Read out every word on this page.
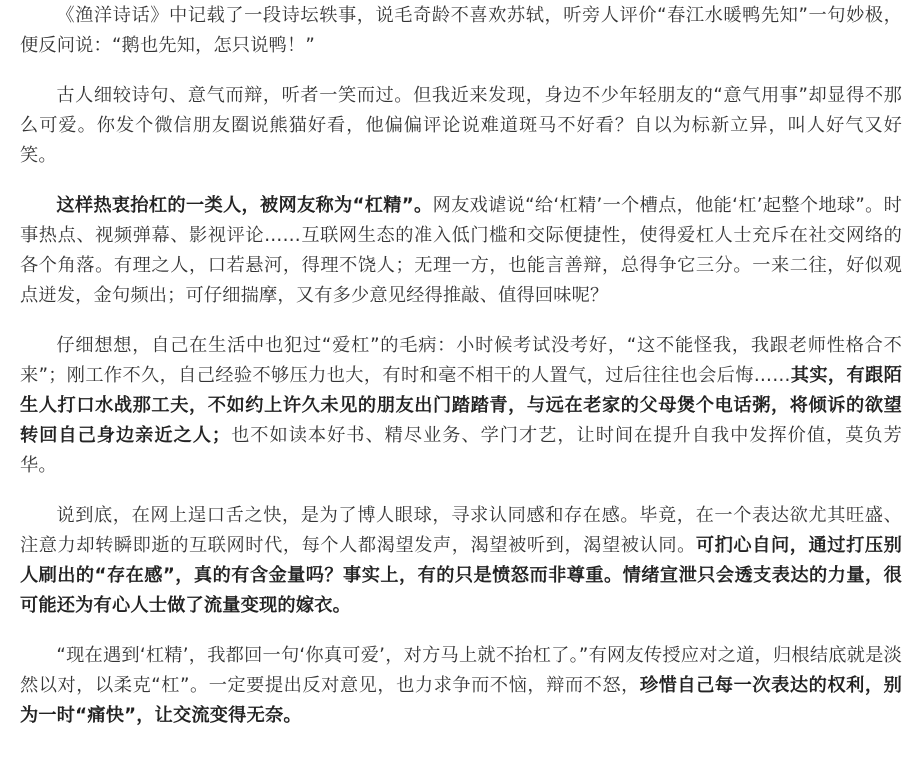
《渔洋诗话》中记载了一段诗坛轶事，说毛奇龄不喜欢苏轼，听旁人评价“春江水暖鸭先知”一句妙极，便反问说：“鹅也先知，怎只说鸭！”

古人细较诗句、意气而辩，听者一笑而过。但我近来发现，身边不少年轻朋友的“意气用事”却显得不那么可爱。你发个微信朋友圈说熊猫好看，他偏偏评论说难道斑马不好看？自以为标新立异，叫人好气又好笑。

这样热衷抬杠的一类人，被网友称为“杠精”。网友戏谑说“给‘杠精’一个槽点，他能‘杠’起整个地球”。时事热点、视频弹幕、影视评论……互联网生态的准入低门槛和交际便捷性，使得爱杠人士充斥在社交网络的各个角落。有理之人，口若悬河，得理不饶人；无理一方，也能言善辩，总得争它三分。一来二往，好似观点迸发，金句频出；可仔细揣摩，又有多少意见经得推敲、值得回味呢？

仔细想想，自己在生活中也犯过“爱杠”的毛病：小时候考试没考好，“这不能怪我，我跟老师性格合不来”；刚工作不久，自己经验不够压力也大，有时和毫不相干的人置气，过后往往也会后悔……其实，有跟陌生人打口水战那工夫，不如约上许久未见的朋友出门踏踏青，与远在老家的父母煲个电话粥，将倾诉的欲望转回自己身边亲近之人；也不如读本好书、精尽业务、学门才艺，让时间在提升自我中发挥价值，莫负芳华。

说到底，在网上逞口舌之快，是为了博人眼球，寻求认同感和存在感。毕竟，在一个表达欲尤其旺盛、注意力却转瞬即逝的互联网时代，每个人都渴望发声，渴望被听到，渴望被认同。可扪心自问，通过打压别人刷出的“存在感”，真的有含金量吗？事实上，有的只是愤怒而非尊重。情绪宣泄只会透支表达的力量，很可能还为有心人士做了流量变现的嫁衣。

“现在遇到‘杠精’，我都回一句‘你真可爱’，对方马上就不抬杠了。”有网友传授应对之道，归根结底就是淡然以对，以柔克“杠”。一定要提出反对意见，也力求争而不恼，辩而不怒，珍惜自己每一次表达的权利，别为一时“痛快”，让交流变得无奈。
